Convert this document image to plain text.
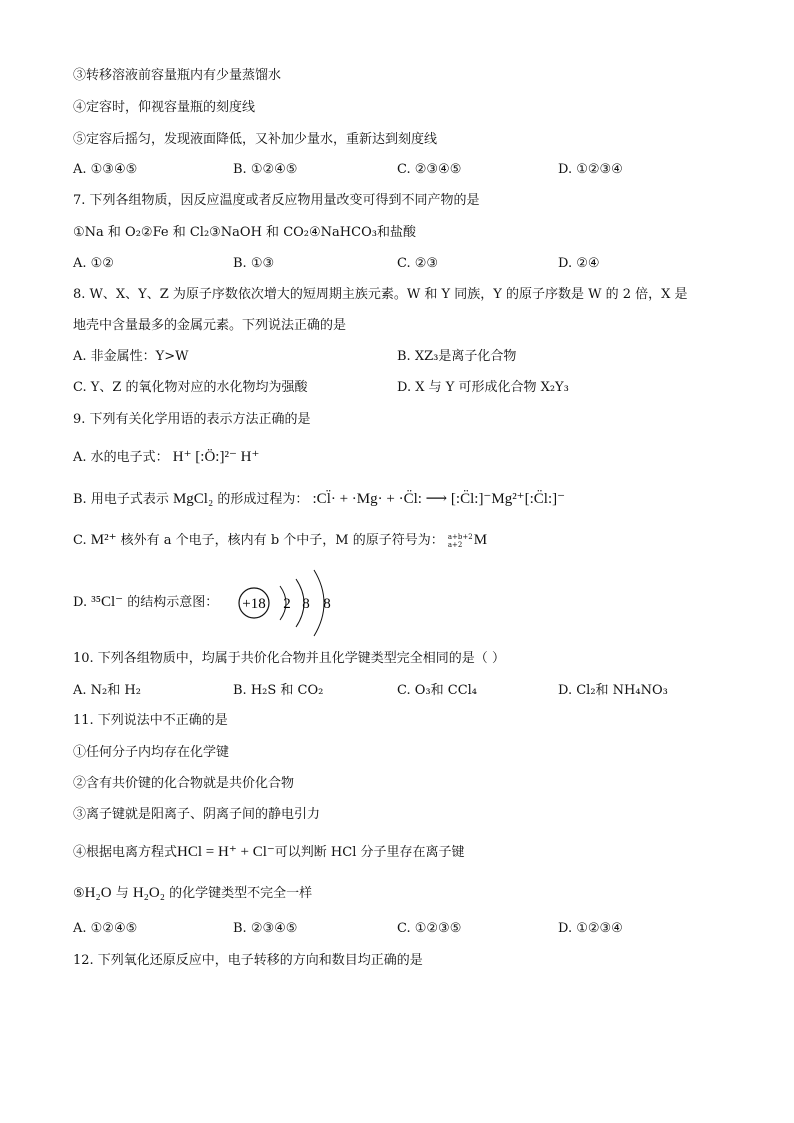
③转移溶液前容量瓶内有少量蒸馏水
④定容时，仰视容量瓶的刻度线
⑤定容后摇匀，发现液面降低，又补加少量水，重新达到刻度线
A. ①③④⑤	B. ①②④⑤	C. ②③④⑤	D. ①②③④
7. 下列各组物质，因反应温度或者反应物用量改变可得到不同产物的是
①Na 和 O₂②Fe 和 Cl₂③NaOH 和 CO₂④NaHCO₃和盐酸
A. ①②	B. ①③	C. ②③	D. ②④
8. W、X、Y、Z 为原子序数依次增大的短周期主族元素。W 和 Y 同族，Y 的原子序数是 W 的 2 倍，X 是
地壳中含量最多的金属元素。下列说法正确的是
A. 非金属性：Y>W	B. XZ₃是离子化合物
C. Y、Z 的氧化物对应的水化物均为强酸	D. X 与 Y 可形成化合物 X₂Y₃
9. 下列有关化学用语的表示方法正确的是
A. 水的电子式： H⁺ [:Ö:]²⁻ H⁺
B. 用电子式表示 MgCl₂ 的形成过程为： :Cl̈· + ·Mg· + ·C̈l: ⟶ [:C̈l:]⁻Mg²⁺[:C̈l:]⁻
C. M²⁺ 核外有 a 个电子，核内有 b 个中子，M 的原子符号为： a+b+2
a+2 M
D. ³⁵Cl⁻ 的结构示意图： +18 2 8 8
10. 下列各组物质中，均属于共价化合物并且化学键类型完全相同的是（ ）
A. N₂和 H₂	B. H₂S 和 CO₂	C. O₃和 CCl₄	D. Cl₂和 NH₄NO₃
11. 下列说法中不正确的是
①任何分子内均存在化学键
②含有共价键的化合物就是共价化合物
③离子键就是阳离子、阴离子间的静电引力
④根据电离方程式HCl = H⁺ + Cl⁻可以判断 HCl 分子里存在离子键
⑤H₂O 与 H₂O₂ 的化学键类型不完全一样
A. ①②④⑤	B. ②③④⑤	C. ①②③⑤	D. ①②③④
12. 下列氧化还原反应中，电子转移的方向和数目均正确的是
